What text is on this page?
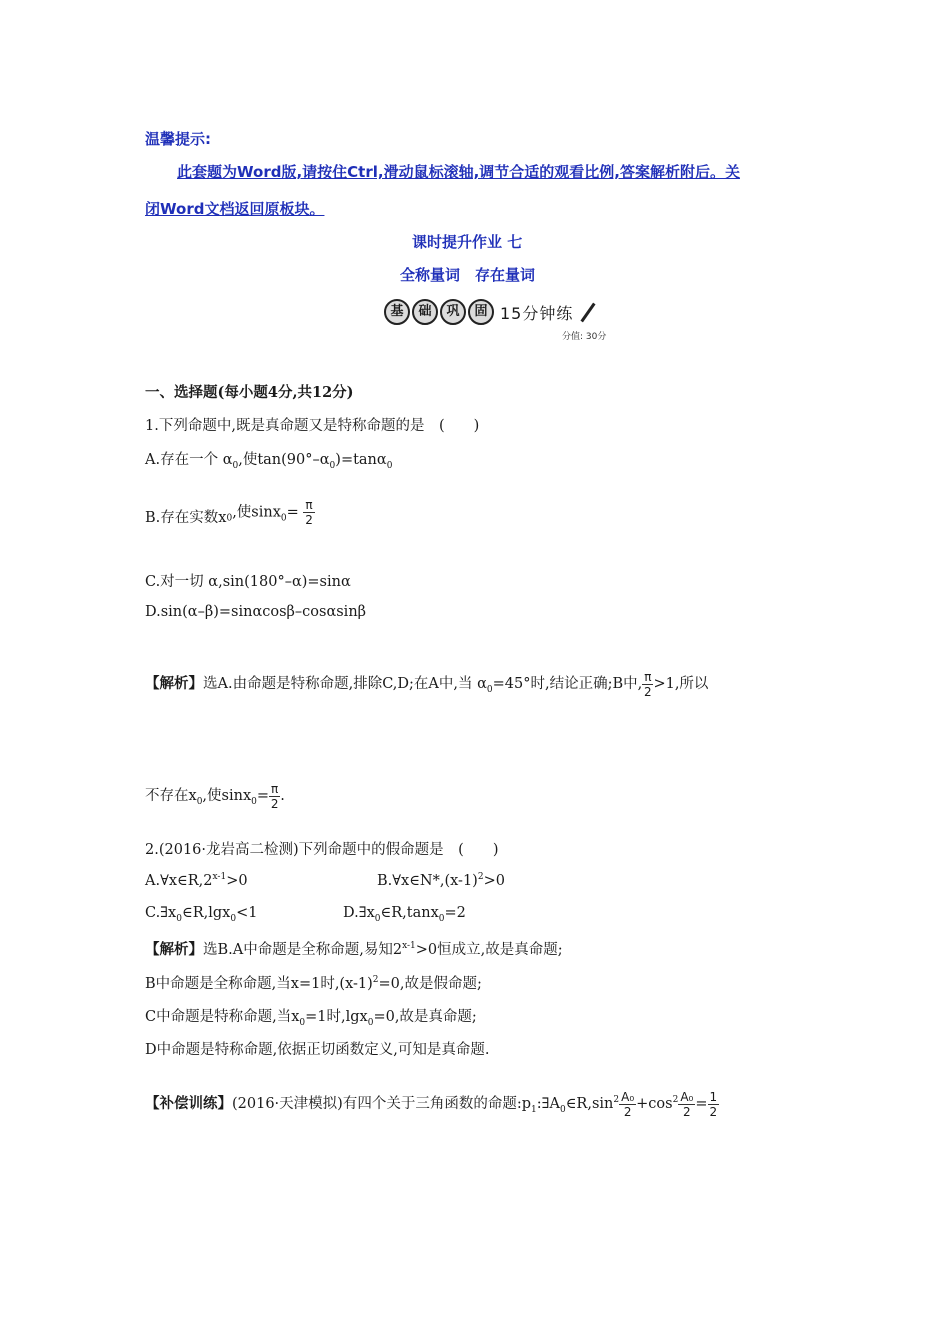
温馨提示:
此套题为Word版,请按住Ctrl,滑动鼠标滚轴,调节合适的观看比例,答案解析附后。关
闭Word文档返回原板块。
课时提升作业 七
全称量词　存在量词
基	础	巩	固 15分钟练
分值: 30分
一、选择题(每小题4分,共12分)
1.下列命题中,既是真命题又是特称命题的是　(　　)
A.存在一个 $\alpha_0$,使$\tan(90^\circ-\alpha_0)=\tan\alpha_0$
B.存在实数$x_0$,使$\sin x_0= \frac{\pi}{2}$
C.对一切 α,sin(180°–α)=sinα
D.sin(α–β)=sinαcosβ–cosαsinβ
【解析】选A.由命题是特称命题,排除C,D;在A中,当 $\alpha_0=45^\circ$时,结论正确;B中, $\frac{\pi}{2} >1$,所以
不存在$x_0$,使$\sin x_0= \frac{\pi}{2}$ .
2.(2016·龙岩高二检测)下列命题中的假命题是　(　　)
$A.\forall x\in R,2^{x-1}>0$	$B.\forall x\in N*,(x-1)^2>0$
$C.\exists x_0\in R,\lg x_0<1$	$D.\exists x_0\in R,\tan x_0=2$
【解析】选B.A中命题是全称命题,易知$2^{x-1}>0$恒成立,故是真命题;
B中命题是全称命题,当x=1时$,(x-1)^2=0$,故是假命题;
C中命题是特称命题,当$x_0=1$时,lgx$_0$=0,故是真命题;
D中命题是特称命题,依据正切函数定义,可知是真命题.
【补偿训练】(2016·天津模拟)有四个关于三角函数的命题$:p_1:\exists A_0\in R,\sin^2 \frac{\text{A₀}}{2} +\cos^2 \frac{\text{A₀}}{2} = \frac{1}{2}$
